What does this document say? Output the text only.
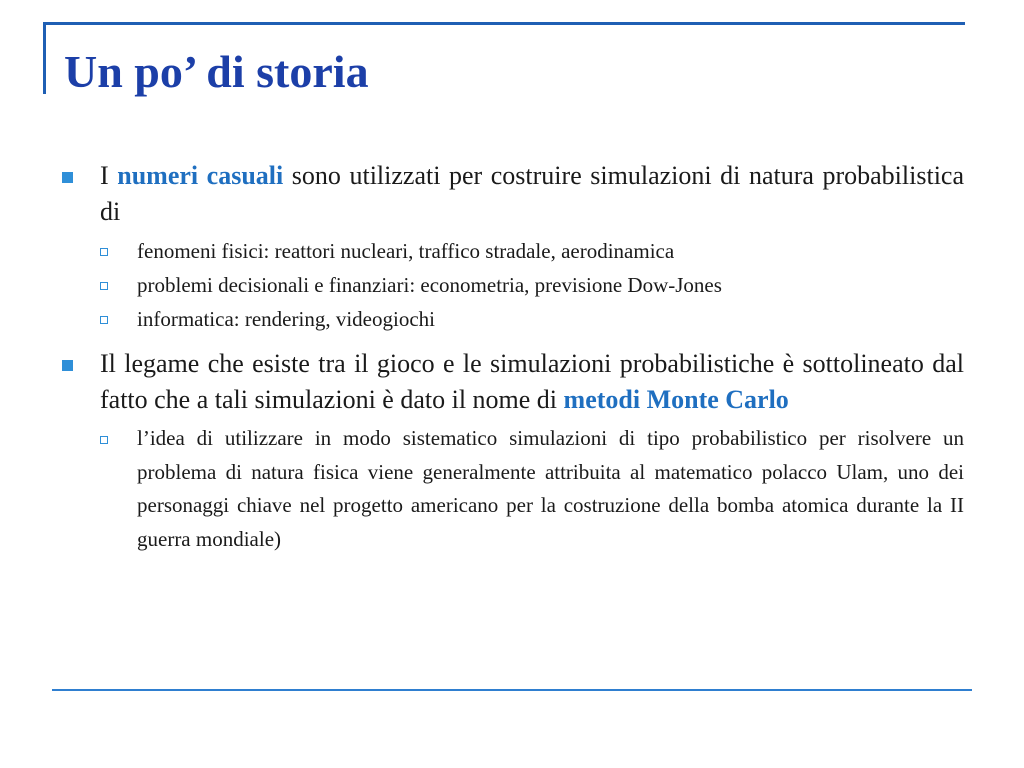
Un po’ di storia
I numeri casuali sono utilizzati per costruire simulazioni di natura probabilistica di
fenomeni fisici: reattori nucleari, traffico stradale, aerodinamica
problemi decisionali e finanziari: econometria, previsione Dow-Jones
informatica: rendering, videogiochi
Il legame che esiste tra il gioco e le simulazioni probabilistiche è sottolineato dal fatto che a tali simulazioni è dato il nome di metodi Monte Carlo
l’idea di utilizzare in modo sistematico simulazioni di tipo probabilistico per risolvere un problema di natura fisica viene generalmente attribuita al matematico polacco Ulam, uno dei personaggi chiave nel progetto americano per la costruzione della bomba atomica durante la II guerra mondiale)
